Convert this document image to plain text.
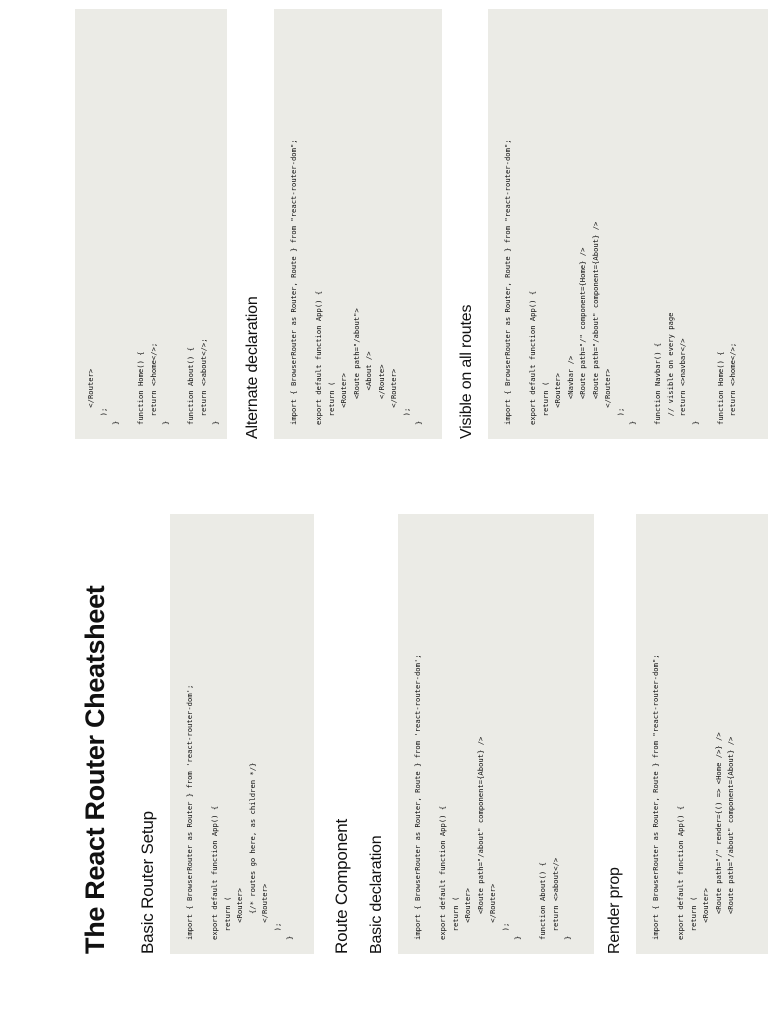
The React Router Cheatsheet Basic Router Setup	import { BrowserRouter as Router } from 'react-router-dom';

export default function App() {
return (
<Router>
{/* routes go here, as children */}
</Router>
);
}	Route Component Basic declaration	import { BrowserRouter as Router, Route } from 'react-router-dom';

export default function App() {
return (
<Router>
<Route path="/about" component={About} />
</Router>
);
}

function About() {
return <>about</>
}	Render prop	import { BrowserRouter as Router, Route } from "react-router-dom";

export default function App() {
return (
<Router>
<Route path="/" render={() => <Home />} />
<Route path="/about" component={About} />
</Router>
);
}

function Home() {
return <>home</>;
}

function About() {
return <>about</>;
}	Alternate declaration	import { BrowserRouter as Router, Route } from "react-router-dom";

export default function App() {
return (
<Router>
<Route path="/about">
<About />
</Route>
</Router>
);
}	Visible on all routes	import { BrowserRouter as Router, Route } from "react-router-dom";

export default function App() {
return (
<Router>
<Navbar />
<Route path="/" component={Home} />
<Route path="/about" component={About} />
</Router>
);
}

function Navbar() {
// visible on every page
return <>navbar</>
}

function Home() {
return <>home</>;
